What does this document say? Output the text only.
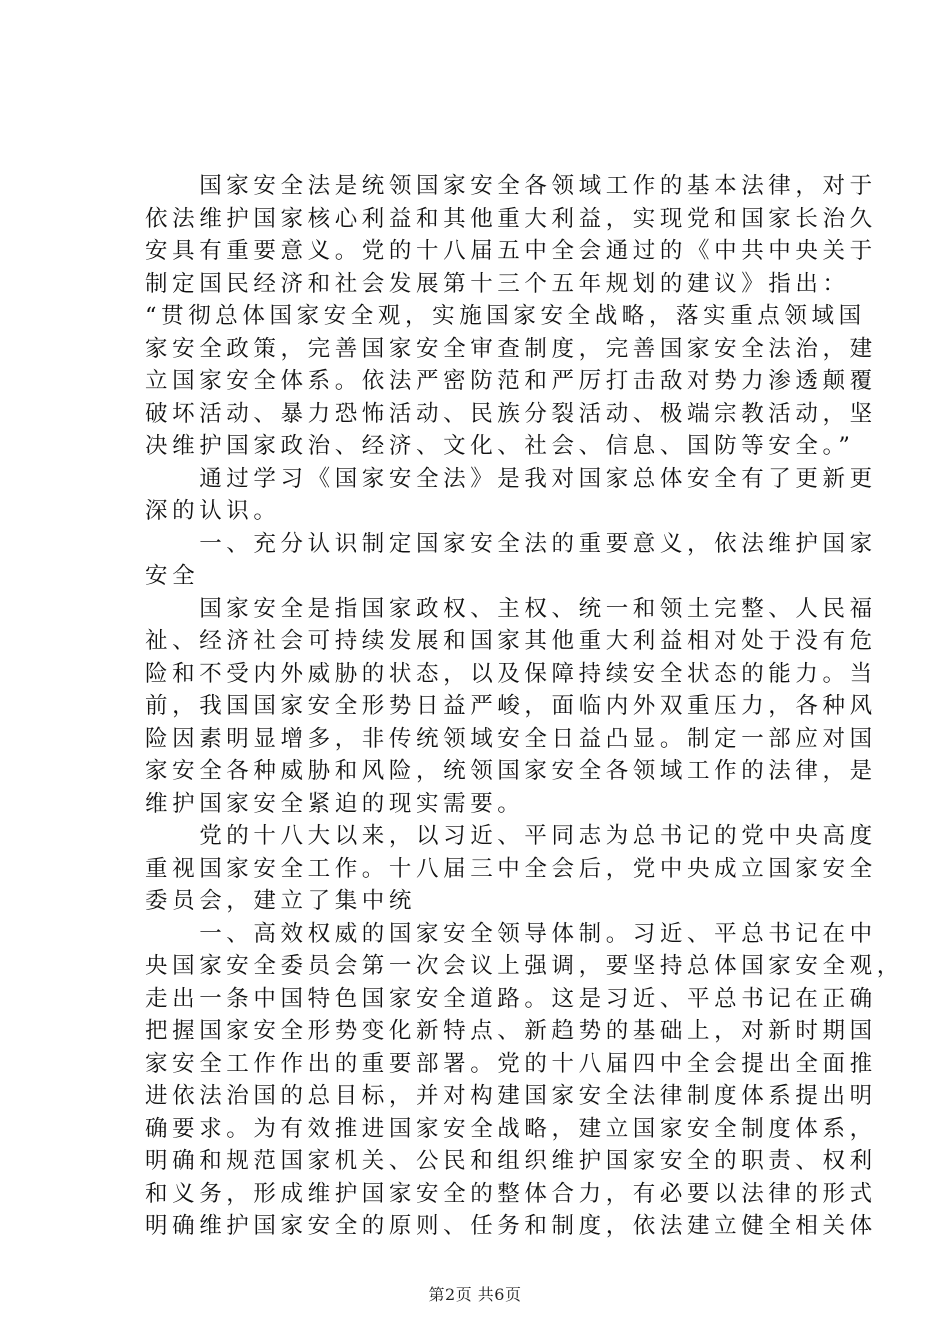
　　国家安全法是统领国家安全各领域工作的基本法律，对于
依法维护国家核心利益和其他重大利益，实现党和国家长治久
安具有重要意义。党的十八届五中全会通过的《中共中央关于
制定国民经济和社会发展第十三个五年规划的建议》指出：
“贯彻总体国家安全观，实施国家安全战略，落实重点领域国
家安全政策，完善国家安全审查制度，完善国家安全法治，建
立国家安全体系。依法严密防范和严厉打击敌对势力渗透颠覆
破坏活动、暴力恐怖活动、民族分裂活动、极端宗教活动，坚
决维护国家政治、经济、文化、社会、信息、国防等安全。”
　　通过学习《国家安全法》是我对国家总体安全有了更新更
深的认识。
　　一、充分认识制定国家安全法的重要意义，依法维护国家
安全
　　国家安全是指国家政权、主权、统一和领土完整、人民福
祉、经济社会可持续发展和国家其他重大利益相对处于没有危
险和不受内外威胁的状态，以及保障持续安全状态的能力。当
前，我国国家安全形势日益严峻，面临内外双重压力，各种风
险因素明显增多，非传统领域安全日益凸显。制定一部应对国
家安全各种威胁和风险，统领国家安全各领域工作的法律，是
维护国家安全紧迫的现实需要。
　　党的十八大以来，以习近、平同志为总书记的党中央高度
重视国家安全工作。十八届三中全会后，党中央成立国家安全
委员会，建立了集中统
　　一、高效权威的国家安全领导体制。习近、平总书记在中
央国家安全委员会第一次会议上强调，要坚持总体国家安全观，
走出一条中国特色国家安全道路。这是习近、平总书记在正确
把握国家安全形势变化新特点、新趋势的基础上，对新时期国
家安全工作作出的重要部署。党的十八届四中全会提出全面推
进依法治国的总目标，并对构建国家安全法律制度体系提出明
确要求。为有效推进国家安全战略，建立国家安全制度体系，
明确和规范国家机关、公民和组织维护国家安全的职责、权利
和义务，形成维护国家安全的整体合力，有必要以法律的形式
明确维护国家安全的原则、任务和制度，依法建立健全相关体
第2页 共6页
